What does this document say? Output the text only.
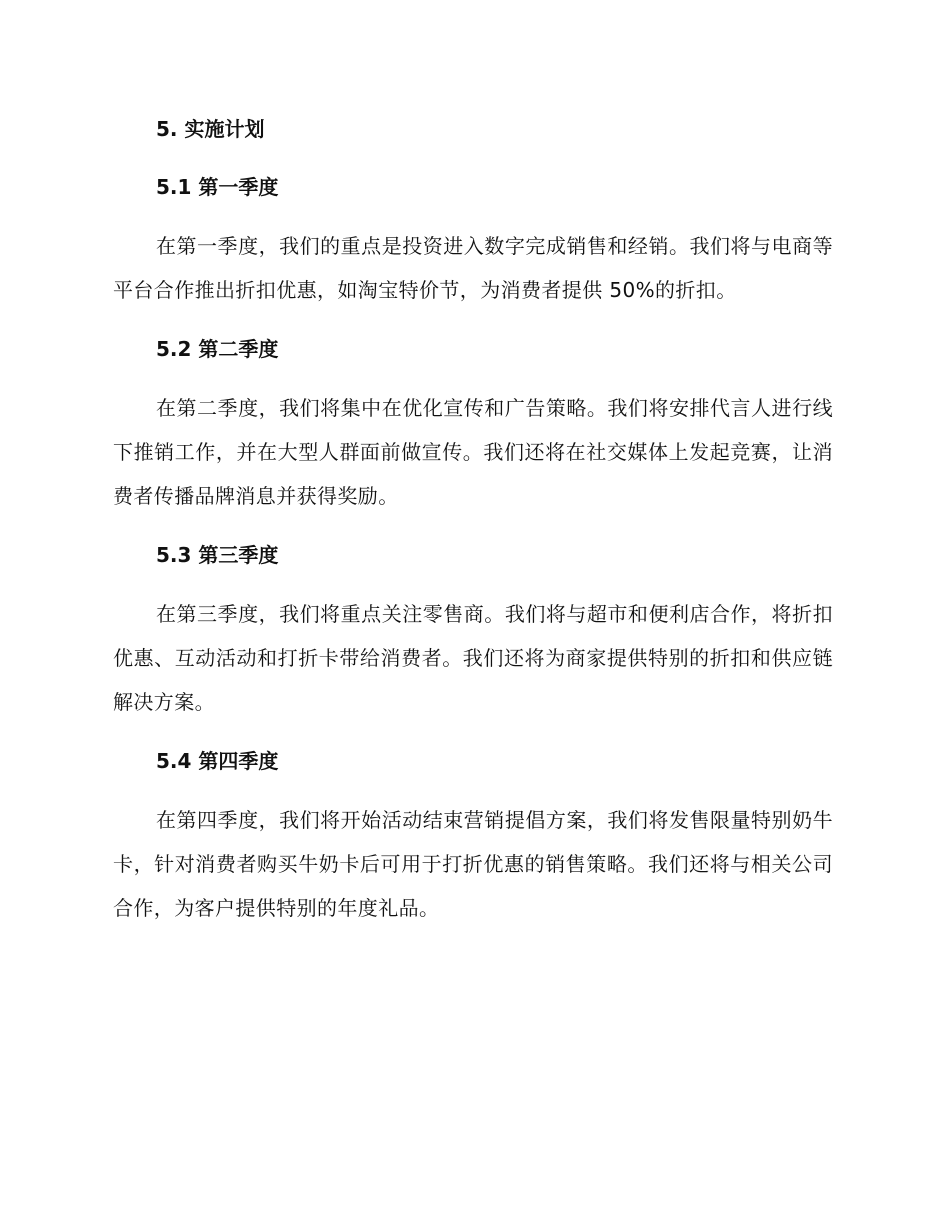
5. 实施计划
5.1 第一季度

在第一季度，我们的重点是投资进入数字完成销售和经销。我们将与电商等平台合作推出折扣优惠，如淘宝特价节，为消费者提供 50%的折扣。

5.2 第二季度

在第二季度，我们将集中在优化宣传和广告策略。我们将安排代言人进行线下推销工作，并在大型人群面前做宣传。我们还将在社交媒体上发起竞赛，让消费者传播品牌消息并获得奖励。

5.3 第三季度

在第三季度，我们将重点关注零售商。我们将与超市和便利店合作，将折扣优惠、互动活动和打折卡带给消费者。我们还将为商家提供特别的折扣和供应链解决方案。

5.4 第四季度

在第四季度，我们将开始活动结束营销提倡方案，我们将发售限量特别奶牛卡，针对消费者购买牛奶卡后可用于打折优惠的销售策略。我们还将与相关公司合作，为客户提供特别的年度礼品。
